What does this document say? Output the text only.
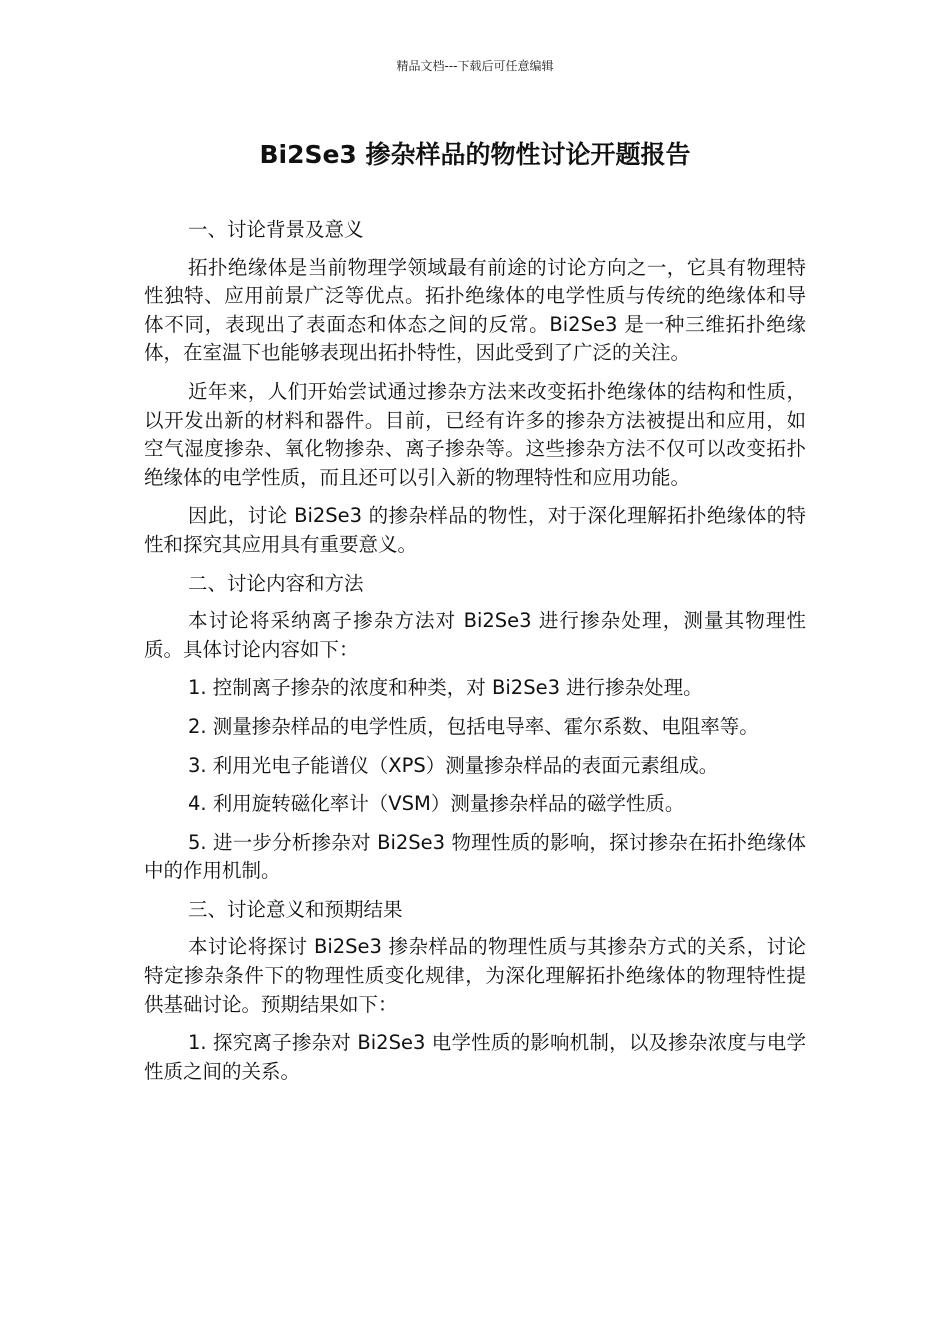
精品文档---下载后可任意编辑
Bi2Se3 掺杂样品的物性讨论开题报告

一、讨论背景及意义

拓扑绝缘体是当前物理学领域最有前途的讨论方向之一，它具有物理特性独特、应用前景广泛等优点。拓扑绝缘体的电学性质与传统的绝缘体和导体不同，表现出了表面态和体态之间的反常。Bi2Se3 是一种三维拓扑绝缘体，在室温下也能够表现出拓扑特性，因此受到了广泛的关注。

近年来，人们开始尝试通过掺杂方法来改变拓扑绝缘体的结构和性质，以开发出新的材料和器件。目前，已经有许多的掺杂方法被提出和应用，如空气湿度掺杂、氧化物掺杂、离子掺杂等。这些掺杂方法不仅可以改变拓扑绝缘体的电学性质，而且还可以引入新的物理特性和应用功能。

因此，讨论 Bi2Se3 的掺杂样品的物性，对于深化理解拓扑绝缘体的特性和探究其应用具有重要意义。

二、讨论内容和方法

本讨论将采纳离子掺杂方法对 Bi2Se3 进行掺杂处理，测量其物理性质。具体讨论内容如下：

1. 控制离子掺杂的浓度和种类，对 Bi2Se3 进行掺杂处理。

2. 测量掺杂样品的电学性质，包括电导率、霍尔系数、电阻率等。

3. 利用光电子能谱仪（XPS）测量掺杂样品的表面元素组成。

4. 利用旋转磁化率计（VSM）测量掺杂样品的磁学性质。

5. 进一步分析掺杂对 Bi2Se3 物理性质的影响，探讨掺杂在拓扑绝缘体中的作用机制。

三、讨论意义和预期结果

本讨论将探讨 Bi2Se3 掺杂样品的物理性质与其掺杂方式的关系，讨论特定掺杂条件下的物理性质变化规律，为深化理解拓扑绝缘体的物理特性提供基础讨论。预期结果如下：

1. 探究离子掺杂对 Bi2Se3 电学性质的影响机制，以及掺杂浓度与电学性质之间的关系。
